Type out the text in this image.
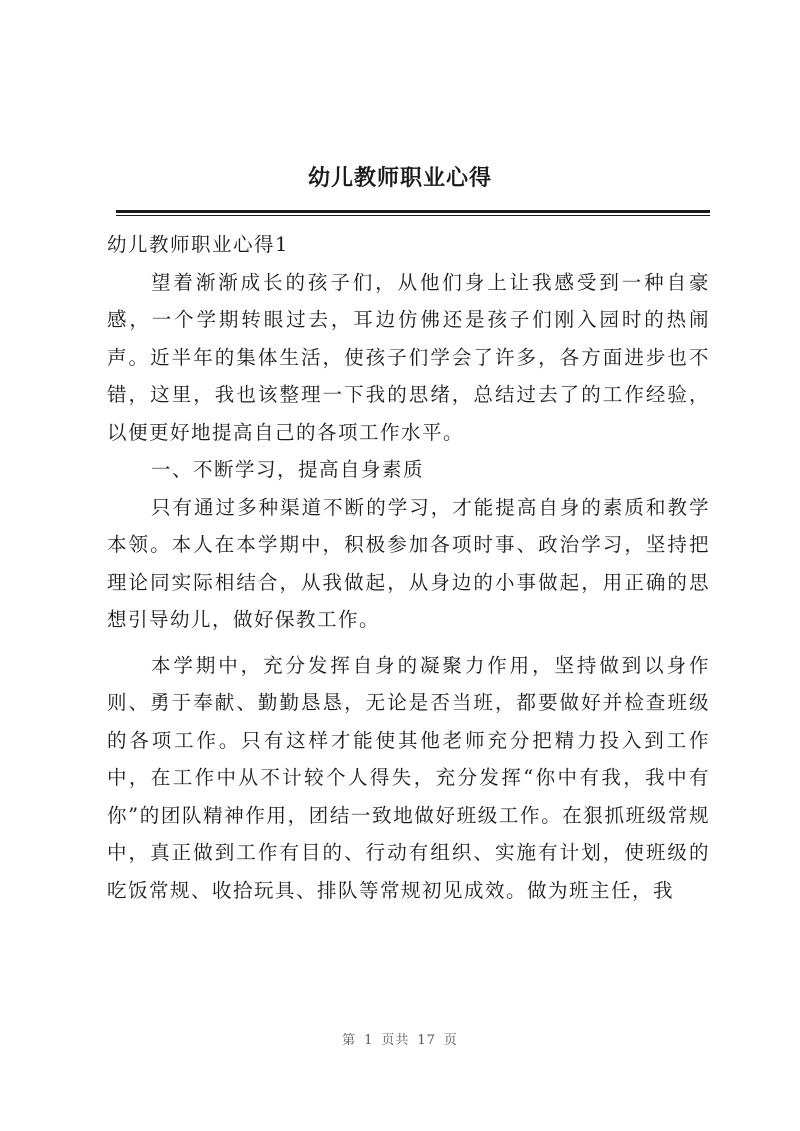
幼儿教师职业心得

幼儿教师职业心得1

望着渐渐成长的孩子们，从他们身上让我感受到一种自豪感，一个学期转眼过去，耳边仿佛还是孩子们刚入园时的热闹声。近半年的集体生活，使孩子们学会了许多，各方面进步也不错，这里，我也该整理一下我的思绪，总结过去了的工作经验，以便更好地提高自己的各项工作水平。

一、不断学习，提高自身素质

只有通过多种渠道不断的学习，才能提高自身的素质和教学本领。本人在本学期中，积极参加各项时事、政治学习，坚持把理论同实际相结合，从我做起，从身边的小事做起，用正确的思想引导幼儿，做好保教工作。

本学期中，充分发挥自身的凝聚力作用，坚持做到以身作则、勇于奉献、勤勤恳恳，无论是否当班，都要做好并检查班级的各项工作。只有这样才能使其他老师充分把精力投入到工作中，在工作中从不计较个人得失，充分发挥“你中有我，我中有你”的团队精神作用，团结一致地做好班级工作。在狠抓班级常规中，真正做到工作有目的、行动有组织、实施有计划，使班级的吃饭常规、收拾玩具、排队等常规初见成效。做为班主任，我

第 1 页共 17 页
